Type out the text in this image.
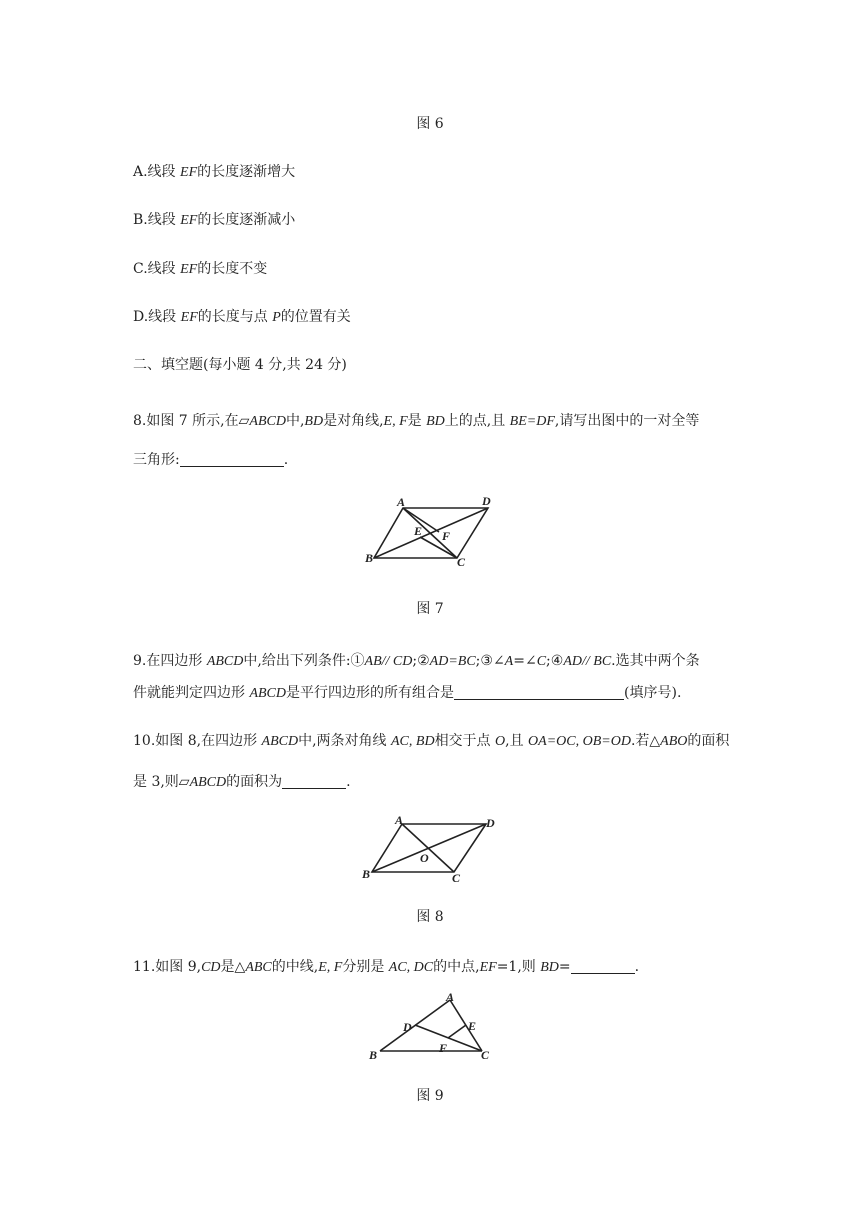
图 6
A.线段 EF的长度逐渐增大
B.线段 EF的长度逐渐减小
C.线段 EF的长度不变
D.线段 EF的长度与点 P的位置有关
二、填空题(每小题 4 分,共 24 分)
8.如图 7 所示,在▱ABCD中,BD是对角线,E, F是 BD上的点,且 BE=DF,请写出图中的一对全等
三角形:	.
A	D
B	C
E F
图 7
9.在四边形 ABCD中,给出下列条件:①AB// CD;②AD=BC;③∠A=∠C;④AD// BC.选其中两个条
件就能判定四边形 ABCD是平行四边形的所有组合是	(填序号).
10.如图 8,在四边形 ABCD中,两条对角线 AC, BD相交于点 O,且 OA=OC, OB=OD.若△ABO的面积
是 3,则▱ABCD的面积为	.
A	D
B	C
O
图 8
11.如图 9,CD是△ABC的中线,E, F分别是 AC, DC的中点,EF=1,则 BD=	.
A
B	C
D	E
F
图 9
